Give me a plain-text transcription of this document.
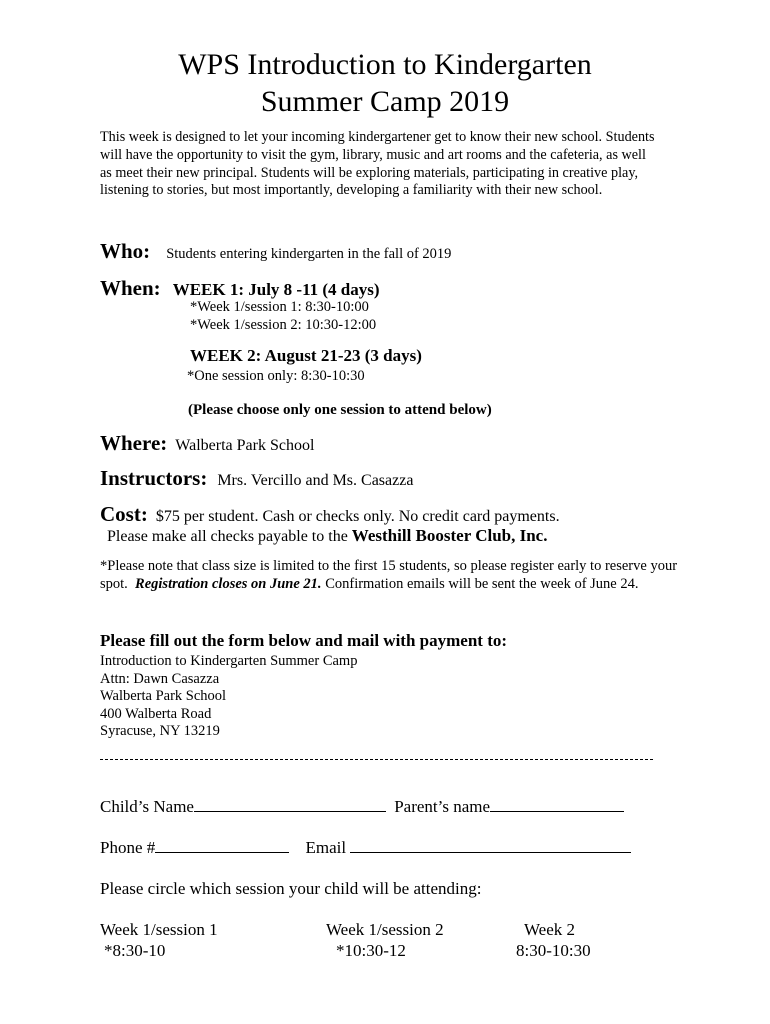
WPS Introduction to Kindergarten
Summer Camp 2019
This week is designed to let your incoming kindergartener get to know their new school. Students will have the opportunity to visit the gym, library, music and art rooms and the cafeteria, as well as meet their new principal. Students will be exploring materials, participating in creative play, listening to stories, but most importantly, developing a familiarity with their new school.
Who: Students entering kindergarten in the fall of 2019
When: WEEK 1: July 8 -11 (4 days)
*Week 1/session 1: 8:30-10:00
*Week 1/session 2: 10:30-12:00
WEEK 2: August 21-23 (3 days)
*One session only: 8:30-10:30
(Please choose only one session to attend below)
Where: Walberta Park School
Instructors: Mrs. Vercillo and Ms. Casazza
Cost: $75 per student. Cash or checks only. No credit card payments.
Please make all checks payable to the Westhill Booster Club, Inc.
*Please note that class size is limited to the first 15 students, so please register early to reserve your spot. Registration closes on June 21. Confirmation emails will be sent the week of June 24.
Please fill out the form below and mail with payment to:
Introduction to Kindergarten Summer Camp
Attn: Dawn Casazza
Walberta Park School
400 Walberta Road
Syracuse, NY 13219
Child’s Name	Parent’s name
Phone #	Email
Please circle which session your child will be attending:
Week 1/session 1
*8:30-10
Week 1/session 2
*10:30-12
Week 2
8:30-10:30
